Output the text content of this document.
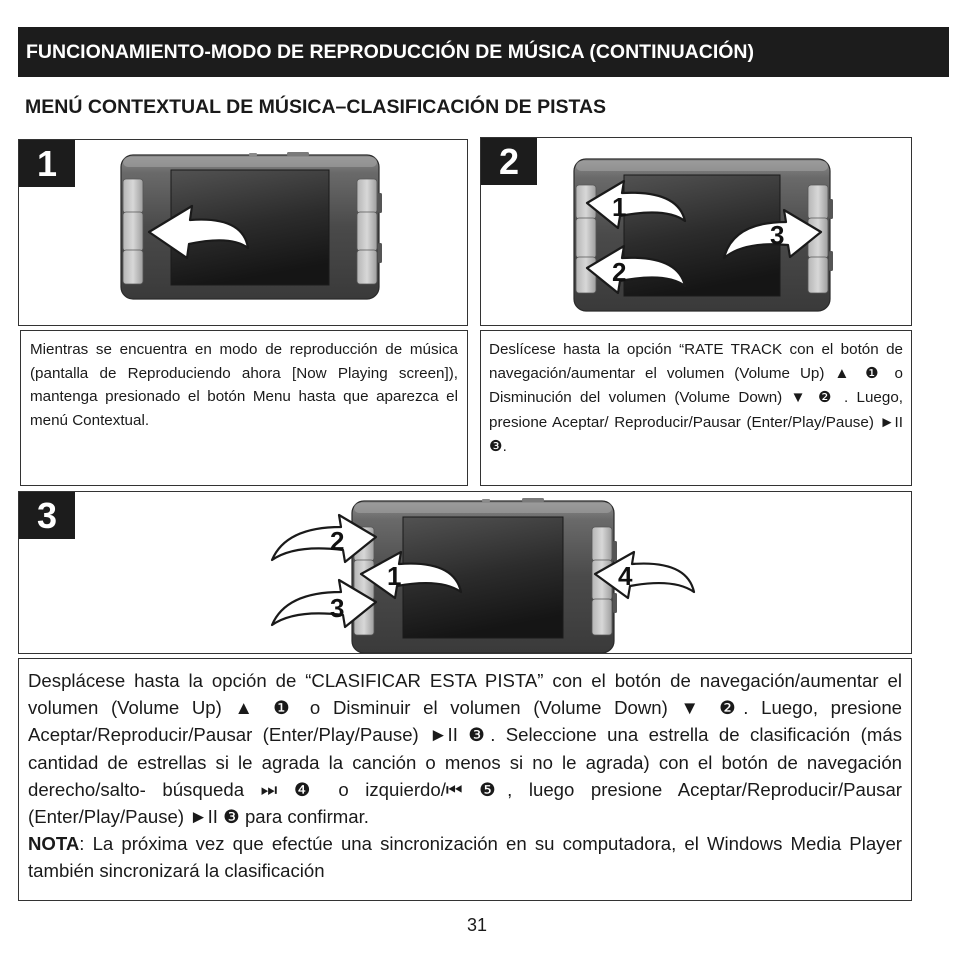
FUNCIONAMIENTO-MODO DE REPRODUCCIÓN DE MÚSICA (CONTINUACIÓN)
MENÚ CONTEXTUAL DE MÚSICA–CLASIFICACIÓN DE PISTAS
1	2
1
2
3
Mientras se encuentra en modo de reproducción de música (pantalla de Reproduciendo ahora [Now Playing screen]), mantenga presionado el botón Menu hasta que aparezca el menú Contextual.
Deslícese hasta la opción “RATE TRACK con el botón de navegación/aumentar el volumen (Volume Up) ▲ ❶ o Disminución del volumen (Volume Down) ▼ ❷ . Luego, presione Aceptar/ Reproducir/Pausar (Enter/Play/Pause) ►II ❸.
3
1
2
3
4
Desplácese hasta la opción de “CLASIFICAR ESTA PISTA” con el botón de navegación/aumentar el volumen (Volume Up) ▲ ❶ o Disminuir el volumen (Volume Down) ▼ ❷. Luego, presione Aceptar/Reproducir/Pausar (Enter/Play/Pause) ►II ❸. Seleccione una estrella de clasificación (más cantidad de estrellas si le agrada la canción o menos si no le agrada) con el botón de navegación derecho/salto- búsqueda ⏭ ❹ o izquierdo/⏮ ❺, luego presione Aceptar/Reproducir/Pausar (Enter/Play/Pause) ►II ❸ para confirmar.
NOTA: La próxima vez que efectúe una sincronización en su computadora, el Windows Media Player también sincronizará la clasificación
31
